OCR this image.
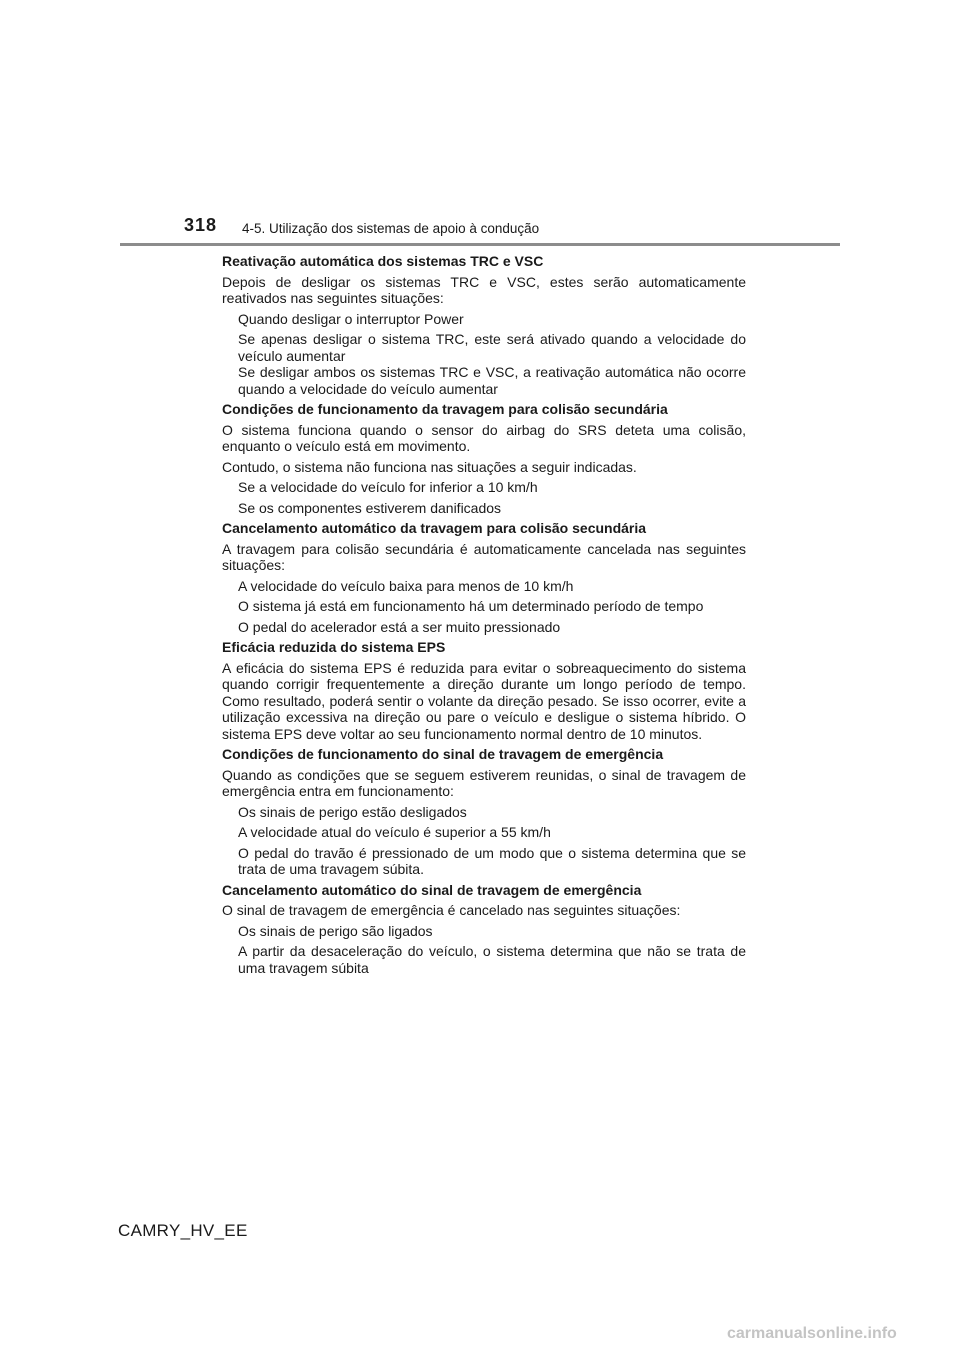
318 4-5. Utilização dos sistemas de apoio à condução
Reativação automática dos sistemas TRC e VSC
Depois de desligar os sistemas TRC e VSC, estes serão automaticamente reativados nas seguintes situações:
Quando desligar o interruptor Power
Se apenas desligar o sistema TRC, este será ativado quando a velocidade do veículo aumentar
Se desligar ambos os sistemas TRC e VSC, a reativação automática não ocorre quando a velocidade do veículo aumentar
Condições de funcionamento da travagem para colisão secundária
O sistema funciona quando o sensor do airbag do SRS deteta uma colisão, enquanto o veículo está em movimento.
Contudo, o sistema não funciona nas situações a seguir indicadas.
Se a velocidade do veículo for inferior a 10 km/h
Se os componentes estiverem danificados
Cancelamento automático da travagem para colisão secundária
A travagem para colisão secundária é automaticamente cancelada nas seguintes situações:
A velocidade do veículo baixa para menos de 10 km/h
O sistema já está em funcionamento há um determinado período de tempo
O pedal do acelerador está a ser muito pressionado
Eficácia reduzida do sistema EPS
A eficácia do sistema EPS é reduzida para evitar o sobreaquecimento do sistema quando corrigir frequentemente a direção durante um longo período de tempo. Como resultado, poderá sentir o volante da direção pesado. Se isso ocorrer, evite a utilização excessiva na direção ou pare o veículo e desligue o sistema híbrido. O sistema EPS deve voltar ao seu funcionamento normal dentro de 10 minutos.
Condições de funcionamento do sinal de travagem de emergência
Quando as condições que se seguem estiverem reunidas, o sinal de travagem de emergência entra em funcionamento:
Os sinais de perigo estão desligados
A velocidade atual do veículo é superior a 55 km/h
O pedal do travão é pressionado de um modo que o sistema determina que se trata de uma travagem súbita.
Cancelamento automático do sinal de travagem de emergência
O sinal de travagem de emergência é cancelado nas seguintes situações:
Os sinais de perigo são ligados
A partir da desaceleração do veículo, o sistema determina que não se trata de uma travagem súbita
CAMRY_HV_EE
carmanualsonline.info
